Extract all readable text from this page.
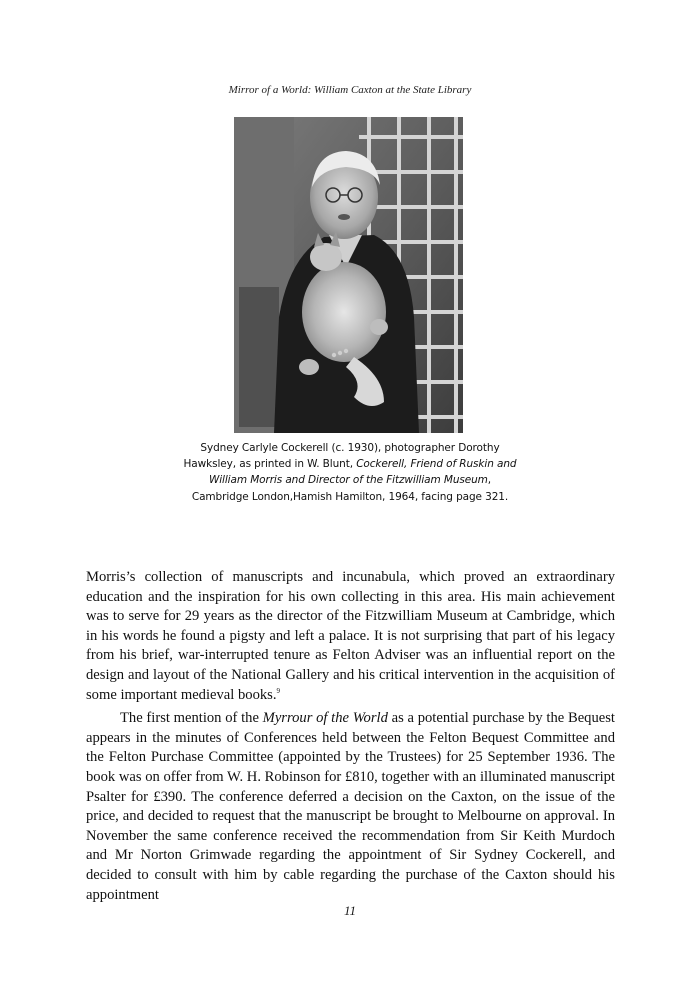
Mirror of a World: William Caxton at the State Library
Sydney Carlyle Cockerell (c. 1930), photographer Dorothy Hawksley, as printed in W. Blunt, Cockerell, Friend of Ruskin and William Morris and Director of the Fitzwilliam Museum, Cambridge London,Hamish Hamilton, 1964, facing page 321.

Morris’s collection of manuscripts and incunabula, which proved an extraordinary education and the inspiration for his own collecting in this area. His main achievement was to serve for 29 years as the director of the Fitzwilliam Museum at Cambridge, which in his words he found a pigsty and left a palace. It is not surprising that part of his legacy from his brief, war-interrupted tenure as Felton Adviser was an influential report on the design and layout of the National Gallery and his critical intervention in the acquisition of some important medieval books.$^9$

The first mention of the Myrrour of the World as a potential purchase by the Bequest appears in the minutes of Conferences held between the Felton Bequest Committee and the Felton Purchase Committee (appointed by the Trustees) for 25 September 1936. The book was on offer from W. H. Robinson for £810, together with an illuminated manuscript Psalter for £390. The conference deferred a decision on the Caxton, on the issue of the price, and decided to request that the manuscript be brought to Melbourne on approval. In November the same conference received the recommendation from Sir Keith Murdoch and Mr Norton Grimwade regarding the appointment of Sir Sydney Cockerell, and decided to consult with him by cable regarding the purchase of the Caxton should his appointment

11
